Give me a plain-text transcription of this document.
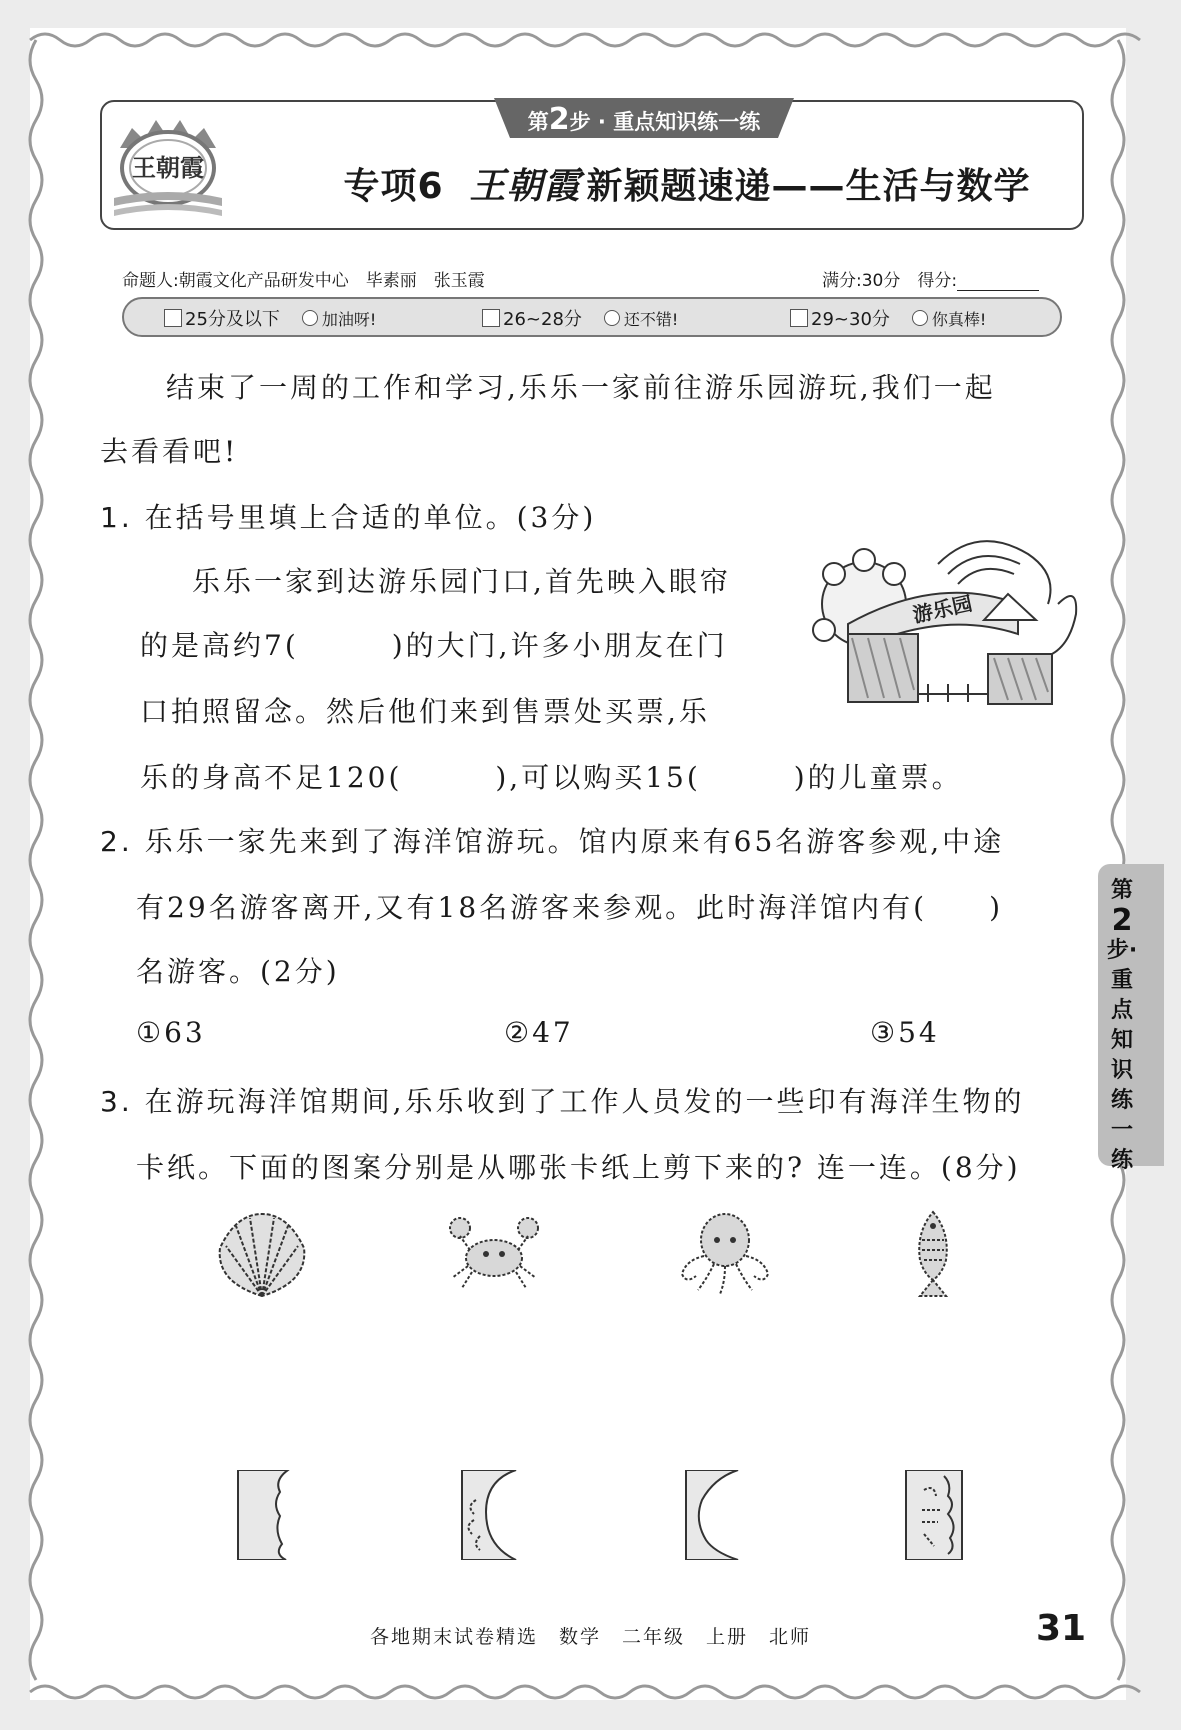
王朝霞
第2步 · 重点知识练一练
专项6 王朝霞 新颖题速递——生活与数学
命题人:朝霞文化产品研发中心　毕素丽　张玉霞	满分:30分　 得分:
25分及以下	加油呀!	26~28分	还不错!	29~30分	你真棒!
结束了一周的工作和学习,乐乐一家前往游乐园游玩,我们一起
去看看吧!
1. 在括号里填上合适的单位。(3分)
乐乐一家到达游乐园门口,首先映入眼帘
的是高约7(　　　)的大门,许多小朋友在门
口拍照留念。然后他们来到售票处买票,乐
乐的身高不足120(　　　),可以购买15(　　　)的儿童票。
游乐园
2. 乐乐一家先来到了海洋馆游玩。馆内原来有65名游客参观,中途
有29名游客离开,又有18名游客来参观。此时海洋馆内有(　　)
名游客。(2分)
①63	②47	③54
3. 在游玩海洋馆期间,乐乐收到了工作人员发的一些印有海洋生物的
卡纸。下面的图案分别是从哪张卡纸上剪下来的? 连一连。(8分)
第
2
步·
重
点
知
识
练
一
练
各地期末试卷精选　数学　二年级　上册　北师	31
